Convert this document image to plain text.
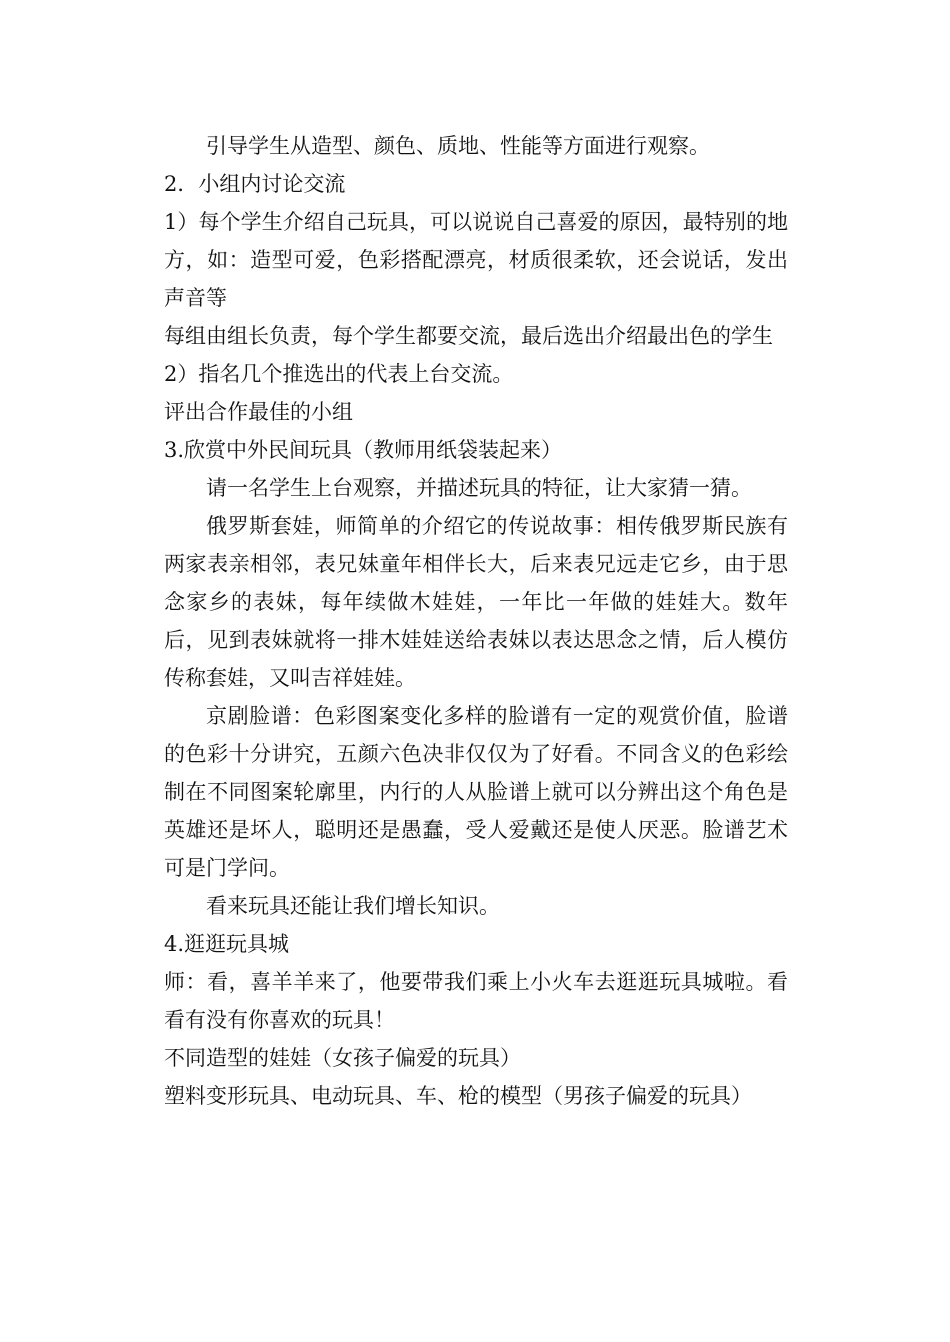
引导学生从造型、颜色、质地、性能等方面进行观察。

2．小组内讨论交流

1）每个学生介绍自己玩具，可以说说自己喜爱的原因，最特别的地方，如：造型可爱，色彩搭配漂亮，材质很柔软，还会说话，发出声音等

每组由组长负责，每个学生都要交流，最后选出介绍最出色的学生

2）指名几个推选出的代表上台交流。

评出合作最佳的小组

3.欣赏中外民间玩具（教师用纸袋装起来）

请一名学生上台观察，并描述玩具的特征，让大家猜一猜。

俄罗斯套娃，师简单的介绍它的传说故事：相传俄罗斯民族有两家表亲相邻，表兄妹童年相伴长大，后来表兄远走它乡，由于思念家乡的表妹，每年续做木娃娃，一年比一年做的娃娃大。数年后，见到表妹就将一排木娃娃送给表妹以表达思念之情，后人模仿传称套娃，又叫吉祥娃娃。

京剧脸谱：色彩图案变化多样的脸谱有一定的观赏价值，脸谱的色彩十分讲究，五颜六色决非仅仅为了好看。不同含义的色彩绘制在不同图案轮廓里，内行的人从脸谱上就可以分辨出这个角色是英雄还是坏人，聪明还是愚蠢，受人爱戴还是使人厌恶。脸谱艺术可是门学问。

看来玩具还能让我们增长知识。

4.逛逛玩具城

师：看，喜羊羊来了，他要带我们乘上小火车去逛逛玩具城啦。看看有没有你喜欢的玩具！

不同造型的娃娃（女孩子偏爱的玩具）

塑料变形玩具、电动玩具、车、枪的模型（男孩子偏爱的玩具）
